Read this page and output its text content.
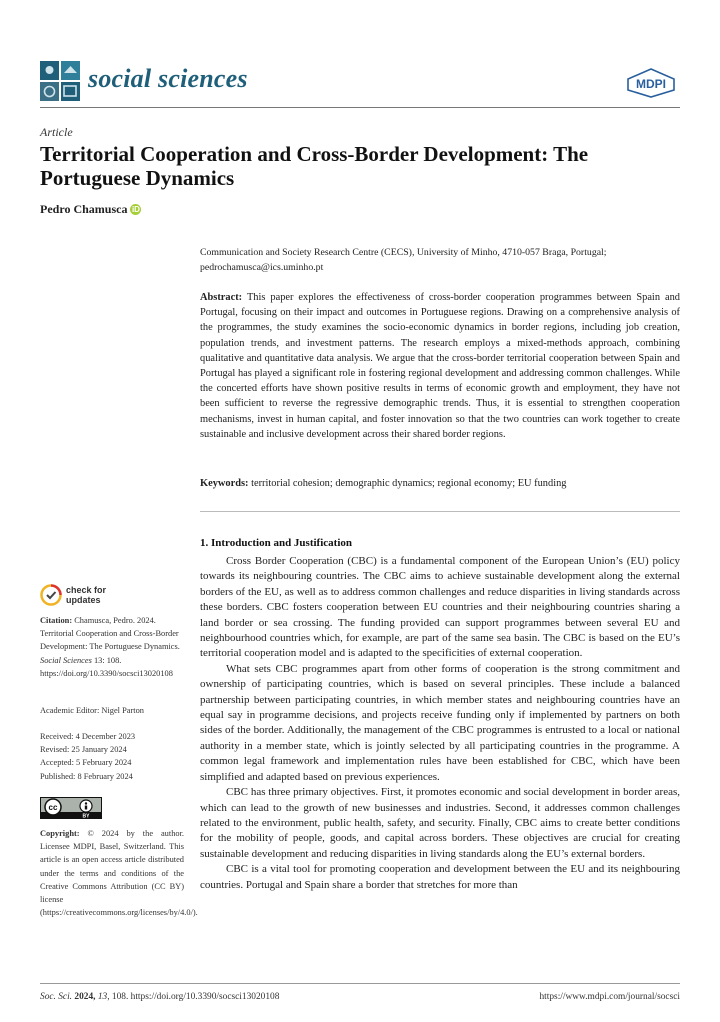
social sciences	MDPI
Article
Territorial Cooperation and Cross-Border Development: The Portuguese Dynamics
Pedro Chamusca iD
Communication and Society Research Centre (CECS), University of Minho, 4710-057 Braga, Portugal; pedrochamusca@ics.uminho.pt
Abstract: This paper explores the effectiveness of cross-border cooperation programmes between Spain and Portugal, focusing on their impact and outcomes in Portuguese regions. Drawing on a comprehensive analysis of the programmes, the study examines the socio-economic dynamics in border regions, including job creation, population trends, and investment patterns. The research employs a mixed-methods approach, combining qualitative and quantitative data analysis. We argue that the cross-border territorial cooperation between Spain and Portugal has played a significant role in fostering regional development and addressing common challenges. While the concerted efforts have shown positive results in terms of economic growth and employment, they have not been sufficient to reverse the regressive demographic trends. Thus, it is essential to strengthen cooperation mechanisms, invest in human capital, and foster innovation so that the two countries can work together to create sustainable and inclusive development across their shared border regions.
Keywords: territorial cohesion; demographic dynamics; regional economy; EU funding
1. Introduction and Justification

Cross Border Cooperation (CBC) is a fundamental component of the European Union’s (EU) policy towards its neighbouring countries. The CBC aims to achieve sustainable development along the external borders of the EU, as well as to address common challenges and reduce disparities in living standards across these borders. CBC fosters cooperation between EU countries and their neighbouring countries sharing a land border or sea crossing. The funding provided can support programmes between several EU and neighbourhood countries which, for example, are part of the same sea basin. The CBC is based on the EU’s territorial cooperation model and is adapted to the specificities of external cooperation.

What sets CBC programmes apart from other forms of cooperation is the strong commitment and ownership of participating countries, which is based on several principles. These include a balanced partnership between participating countries, in which member states and neighbouring countries have an equal say in programme decisions, and projects receive funding only if implemented by partners on both sides of the border. Additionally, the management of the CBC programmes is entrusted to a local or national authority in a member state, which is jointly selected by all participating countries in the programme. A common legal framework and implementation rules have been established for CBC, which have been simplified and adapted based on previous experiences.

CBC has three primary objectives. First, it promotes economic and social development in border areas, which can lead to the growth of new businesses and industries. Second, it addresses common challenges related to the environment, public health, safety, and security. Finally, CBC aims to create better conditions for the mobility of people, goods, and capital across borders. These objectives are crucial for creating sustainable development and reducing disparities in living standards along the EU’s external borders.

CBC is a vital tool for promoting cooperation and development between the EU and its neighbouring countries. Portugal and Spain share a border that stretches for more than

check for
updates
Citation: Chamusca, Pedro. 2024. Territorial Cooperation and Cross-Border Development: The Portuguese Dynamics. Social Sciences 13: 108. https://doi.org/10.3390/socsci13020108
Academic Editor: Nigel Parton
Received: 4 December 2023
Revised: 25 January 2024
Accepted: 5 February 2024
Published: 8 February 2024
cc
BY
Copyright: © 2024 by the author. Licensee MDPI, Basel, Switzerland. This article is an open access article distributed under the terms and conditions of the Creative Commons Attribution (CC BY) license (https://creativecommons.org/licenses/by/4.0/).
Soc. Sci. 2024, 13, 108. https://doi.org/10.3390/socsci13020108	https://www.mdpi.com/journal/socsci
